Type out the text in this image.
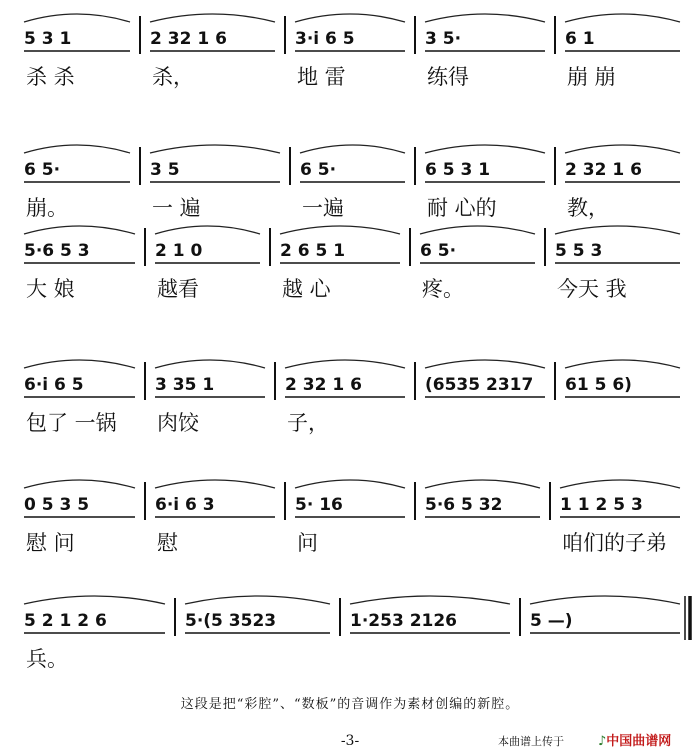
5 3 1
杀 杀
2 32 1 6
杀，
3·i 6 5
地 雷
3 5·
练得
6 1
崩 崩
6 5·
崩。
3 5
一 遍
6 5·
一遍
6 5 3 1
耐 心的
2 32 1 6
教，
5·6 5 3
大 娘
2 1 0
越看
2 6 5 1
越 心
6 5·
疼。
5 5 3
今天 我
6·i 6 5
包了 一锅
3 35 1
肉饺
2 32 1 6
子，
(6535 2317 61 5 6)
0 5 3 5
慰 问
6·i 6 3
慰
5· 16
问
5·6 5 32	1 1 2 5 3
咱们的子弟
5 2 1 2 6
兵。
5·(5 3523	1·253 2126	5 —)
这段是把“彩腔”、“数板”的音调作为素材创编的新腔。
-3-	本曲谱上传于	♪中国曲谱网
